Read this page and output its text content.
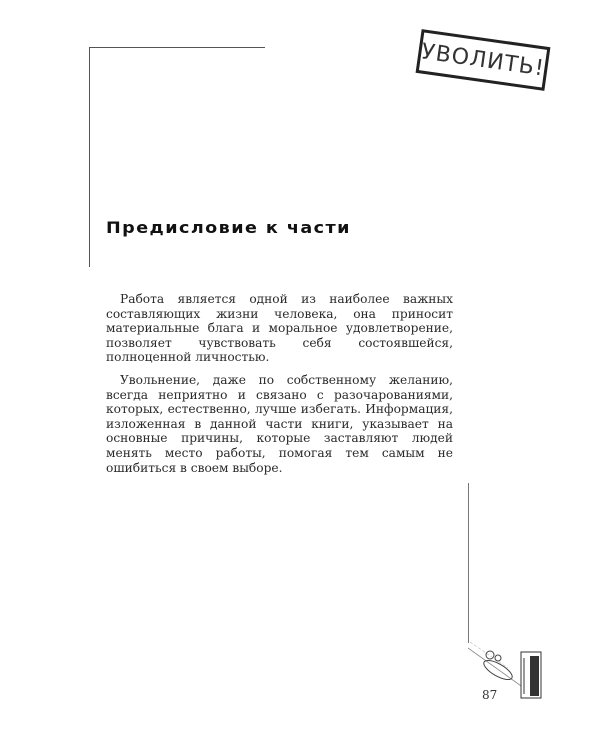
УВОЛИТЬ!
Предисловие к части

Работа является одной из наиболее важных составляющих жизни человека, она приносит материальные блага и моральное удовлетворение, позволяет чувствовать себя состоявшейся, полноценной личностью.

Увольнение, даже по собственному желанию, всегда неприятно и связано с разочарованиями, которых, естественно, лучше избегать. Информация, изложенная в данной части книги, указывает на основные причины, которые заставляют людей менять место работы, помогая тем самым не ошибиться в своем выборе.

87
